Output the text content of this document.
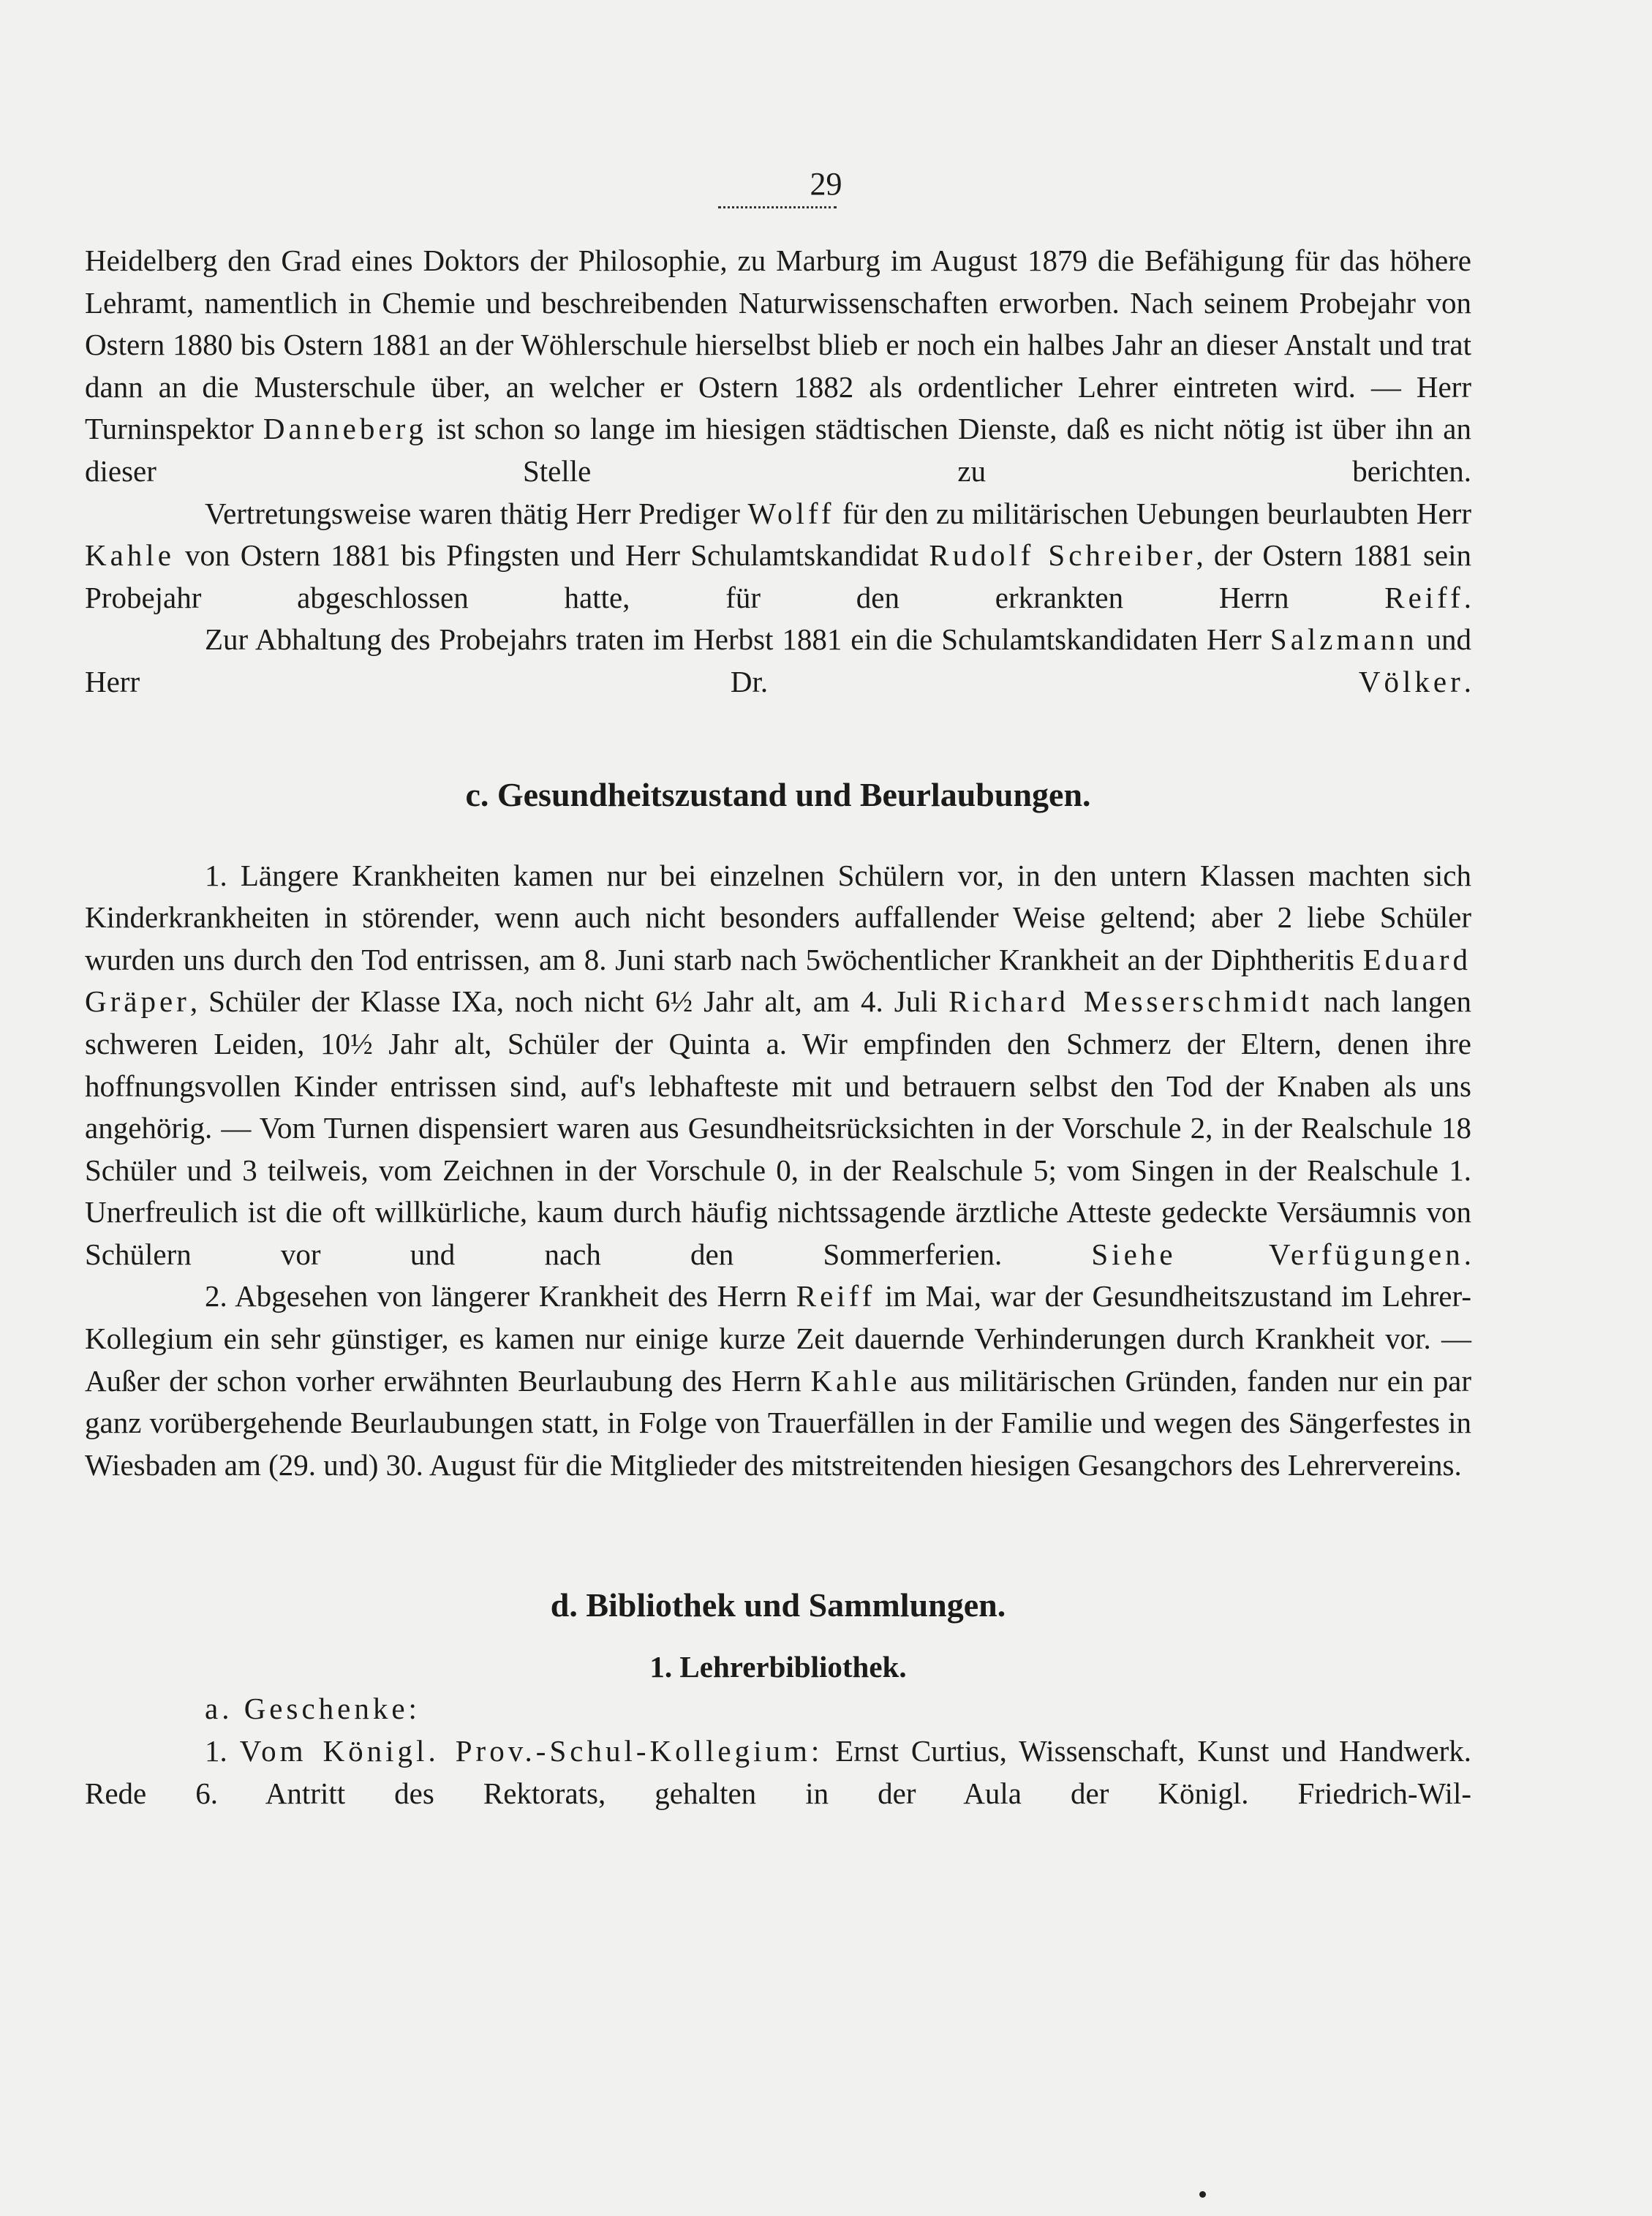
29

Heidelberg den Grad eines Doktors der Philosophie, zu Marburg im August 1879 die Befähigung für das höhere Lehramt, namentlich in Chemie und beschreibenden Naturwissenschaften erworben. Nach seinem Probejahr von Ostern 1880 bis Ostern 1881 an der Wöhlerschule hierselbst blieb er noch ein halbes Jahr an dieser Anstalt und trat dann an die Musterschule über, an welcher er Ostern 1882 als ordentlicher Lehrer eintreten wird. — Herr Turninspektor Danneberg ist schon so lange im hiesigen städtischen Dienste, daß es nicht nötig ist über ihn an dieser Stelle zu berichten.

Vertretungsweise waren thätig Herr Prediger Wolff für den zu militärischen Uebungen beurlaubten Herr Kahle von Ostern 1881 bis Pfingsten und Herr Schulamtskandidat Rudolf Schreiber, der Ostern 1881 sein Probejahr abgeschlossen hatte, für den erkrankten Herrn Reiff.

Zur Abhaltung des Probejahrs traten im Herbst 1881 ein die Schulamtskandidaten Herr Salzmann und Herr Dr. Völker.

c. Gesundheitszustand und Beurlaubungen.

1. Längere Krankheiten kamen nur bei einzelnen Schülern vor, in den untern Klassen machten sich Kinderkrankheiten in störender, wenn auch nicht besonders auffallender Weise geltend; aber 2 liebe Schüler wurden uns durch den Tod entrissen, am 8. Juni starb nach 5wöchentlicher Krankheit an der Diphtheritis Eduard Gräper, Schüler der Klasse IXa, noch nicht 6½ Jahr alt, am 4. Juli Richard Messerschmidt nach langen schweren Leiden, 10½ Jahr alt, Schüler der Quinta a. Wir empfinden den Schmerz der Eltern, denen ihre hoffnungsvollen Kinder entrissen sind, auf's lebhafteste mit und betrauern selbst den Tod der Knaben als uns angehörig. — Vom Turnen dispensiert waren aus Gesundheitsrücksichten in der Vorschule 2, in der Realschule 18 Schüler und 3 teilweis, vom Zeichnen in der Vorschule 0, in der Realschule 5; vom Singen in der Realschule 1. Unerfreulich ist die oft willkürliche, kaum durch häufig nichtssagende ärztliche Atteste gedeckte Versäumnis von Schülern vor und nach den Sommerferien. Siehe Verfügungen.

2. Abgesehen von längerer Krankheit des Herrn Reiff im Mai, war der Gesundheitszustand im Lehrer-Kollegium ein sehr günstiger, es kamen nur einige kurze Zeit dauernde Verhinderungen durch Krankheit vor. — Außer der schon vorher erwähnten Beurlaubung des Herrn Kahle aus militärischen Gründen, fanden nur ein par ganz vorübergehende Beurlaubungen statt, in Folge von Trauerfällen in der Familie und wegen des Sängerfestes in Wiesbaden am (29. und) 30. August für die Mitglieder des mitstreitenden hiesigen Gesangchors des Lehrervereins.

d. Bibliothek und Sammlungen.
1. Lehrerbibliothek.

a. Geschenke:

1. Vom Königl. Prov.-Schul-Kollegium: Ernst Curtius, Wissenschaft, Kunst und Handwerk. Rede 6. Antritt des Rektorats, gehalten in der Aula der Königl. Friedrich-Wil-
